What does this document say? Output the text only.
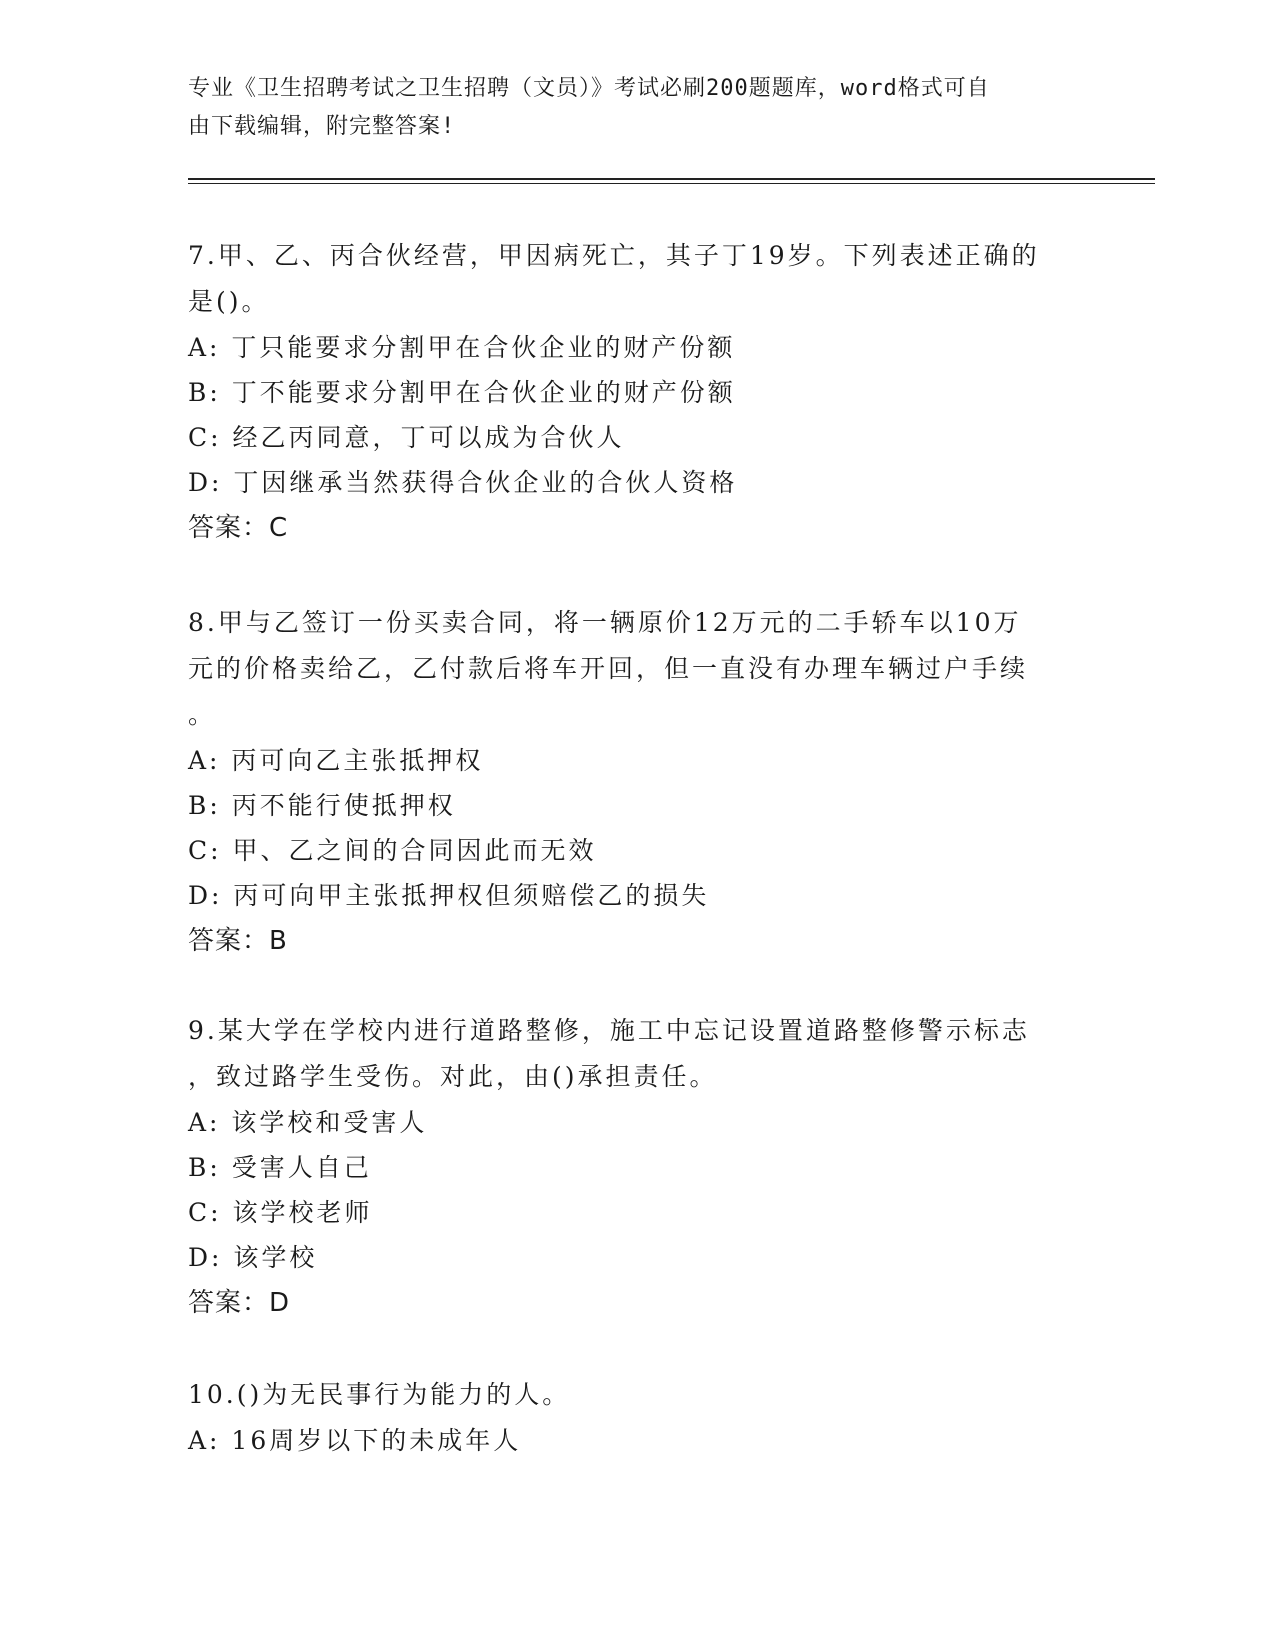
专业《卫生招聘考试之卫生招聘（文员）》考试必刷200题题库，word格式可自
由下载编辑，附完整答案!
7.甲、乙、丙合伙经营，甲因病死亡，其子丁19岁。下列表述正确的
是()。
A: 丁只能要求分割甲在合伙企业的财产份额
B: 丁不能要求分割甲在合伙企业的财产份额
C: 经乙丙同意，丁可以成为合伙人
D: 丁因继承当然获得合伙企业的合伙人资格
答案：C
8.甲与乙签订一份买卖合同，将一辆原价12万元的二手轿车以10万
元的价格卖给乙，乙付款后将车开回，但一直没有办理车辆过户手续
。
A: 丙可向乙主张抵押权
B: 丙不能行使抵押权
C: 甲、乙之间的合同因此而无效
D: 丙可向甲主张抵押权但须赔偿乙的损失
答案：B
9.某大学在学校内进行道路整修，施工中忘记设置道路整修警示标志
，致过路学生受伤。对此，由()承担责任。
A: 该学校和受害人
B: 受害人自己
C: 该学校老师
D: 该学校
答案：D
10.()为无民事行为能力的人。
A: 16周岁以下的未成年人
